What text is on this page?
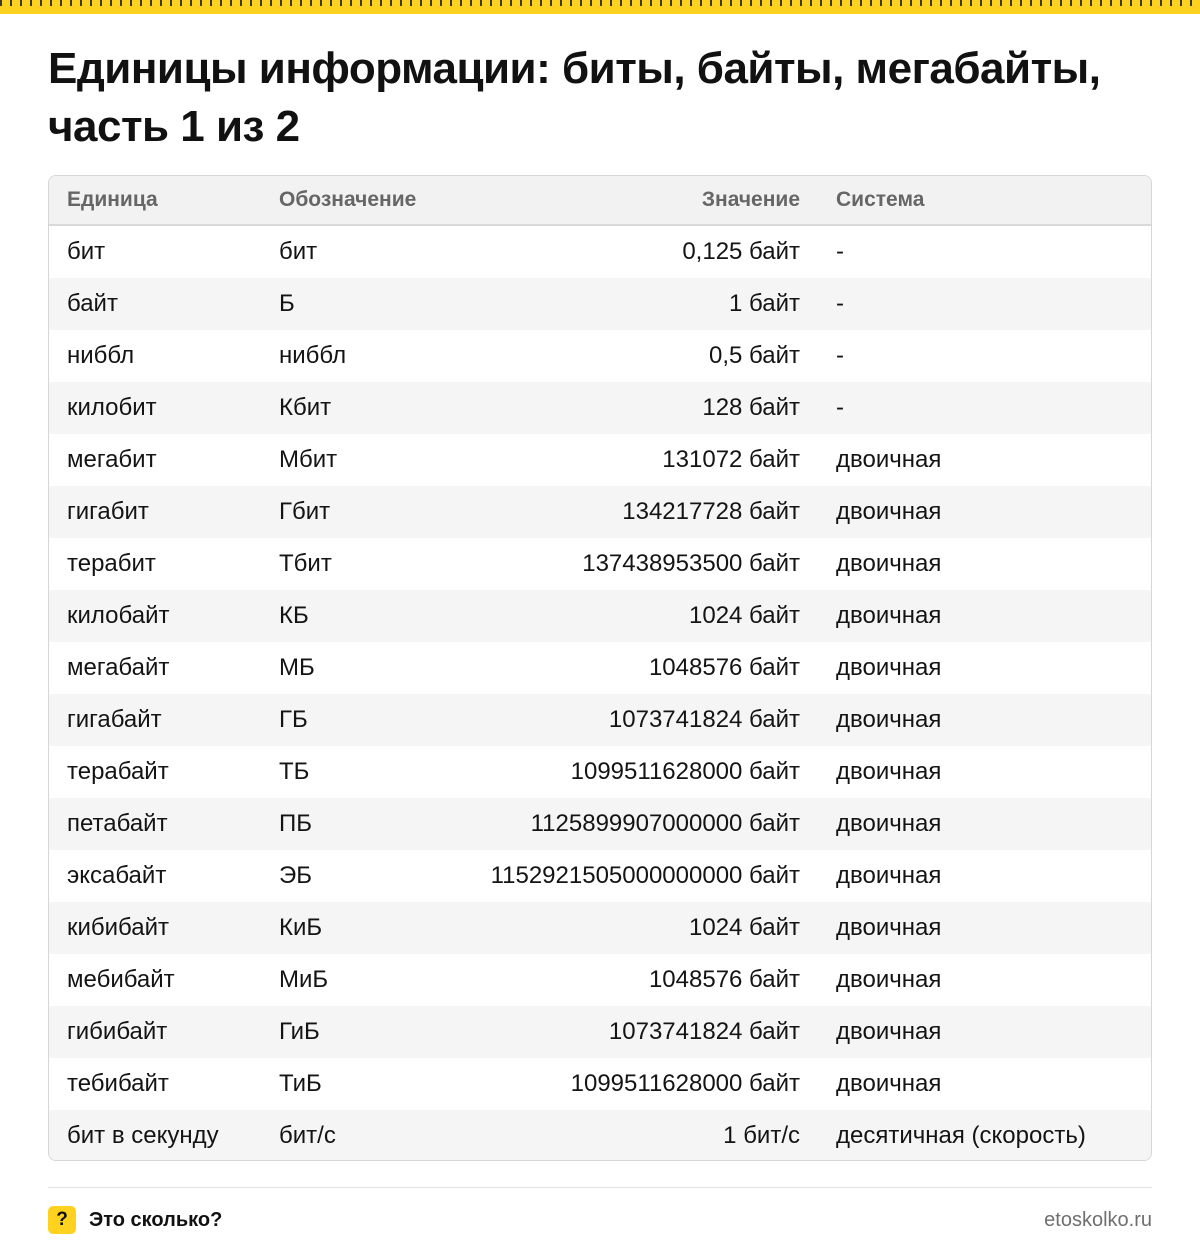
Единицы информации: биты, байты, мегабайты, часть 1 из 2
Единица	Обозначение	Значение	Система
бит	бит	0,125 байт	-
байт	Б	1 байт	-
ниббл	ниббл	0,5 байт	-
килобит	Кбит	128 байт	-
мегабит	Мбит	131072 байт	двоичная
гигабит	Гбит	134217728 байт	двоичная
терабит	Тбит	137438953500 байт	двоичная
килобайт	КБ	1024 байт	двоичная
мегабайт	МБ	1048576 байт	двоичная
гигабайт	ГБ	1073741824 байт	двоичная
терабайт	ТБ	1099511628000 байт	двоичная
петабайт	ПБ	1125899907000000 байт	двоичная
эксабайт	ЭБ	1152921505000000000 байт	двоичная
кибибайт	КиБ	1024 байт	двоичная
мебибайт	МиБ	1048576 байт	двоичная
гибибайт	ГиБ	1073741824 байт	двоичная
тебибайт	ТиБ	1099511628000 байт	двоичная
бит в секунду	бит/с	1 бит/с	десятичная (скорость)
?	Это сколько?	etoskolko.ru
